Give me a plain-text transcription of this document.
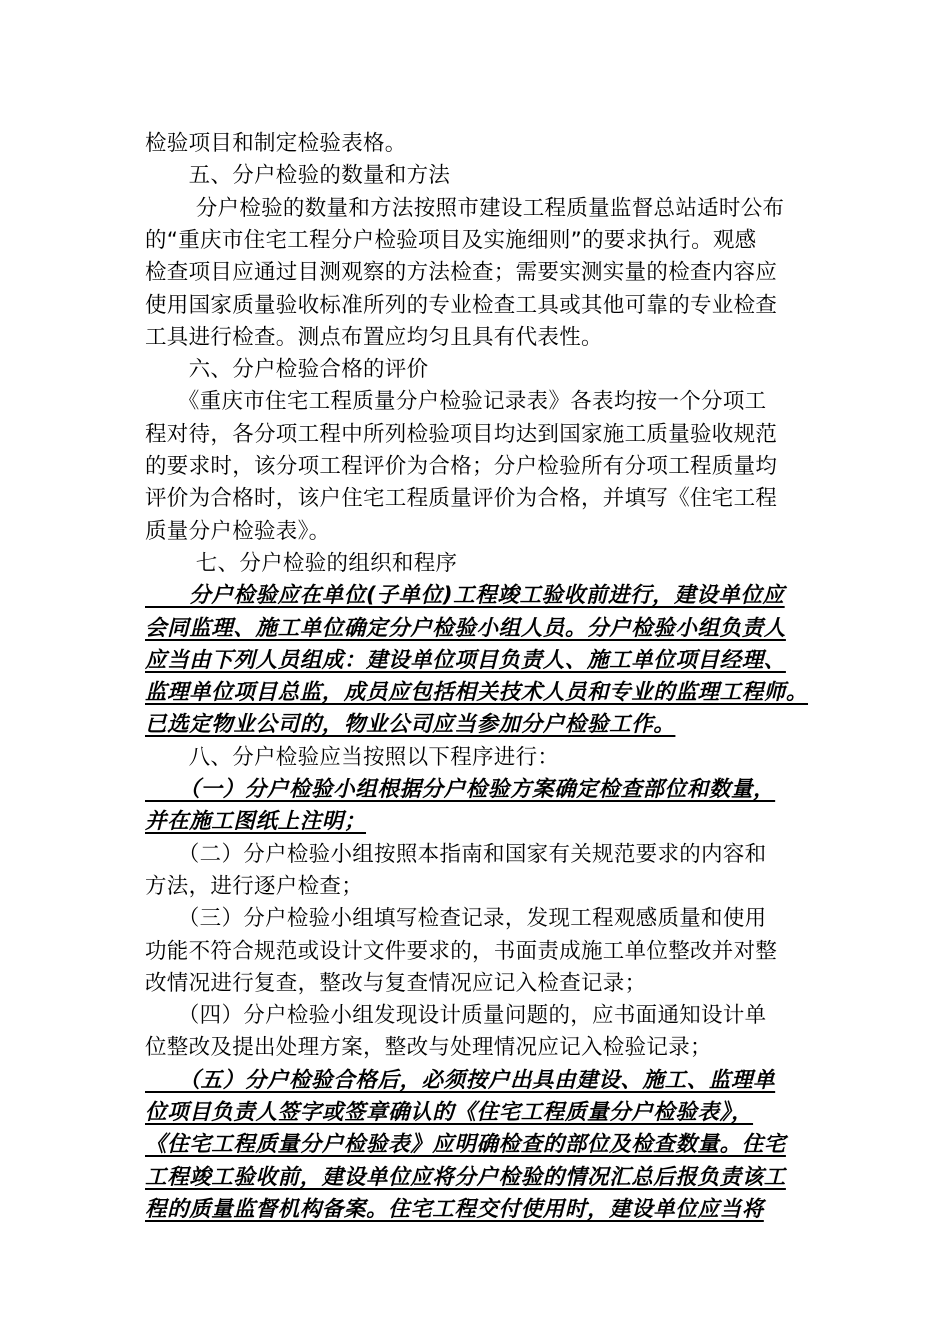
检验项目和制定检验表格。
　　五、分户检验的数量和方法
　　 分户检验的数量和方法按照市建设工程质量监督总站适时公布
的“重庆市住宅工程分户检验项目及实施细则”的要求执行。观感
检查项目应通过目测观察的方法检查；需要实测实量的检查内容应
使用国家质量验收标准所列的专业检查工具或其他可靠的专业检查
工具进行检查。测点布置应均匀且具有代表性。
　　六、分户检验合格的评价
　　《重庆市住宅工程质量分户检验记录表》各表均按一个分项工
程对待，各分项工程中所列检验项目均达到国家施工质量验收规范
的要求时，该分项工程评价为合格；分户检验所有分项工程质量均
评价为合格时，该户住宅工程质量评价为合格，并填写《住宅工程
质量分户检验表》。
　　 七、分户检验的组织和程序
　　分户检验应在单位(子单位)工程竣工验收前进行，建设单位应
会同监理、施工单位确定分户检验小组人员。分户检验小组负责人
应当由下列人员组成：建设单位项目负责人、施工单位项目经理、
监理单位项目总监，成员应包括相关技术人员和专业的监理工程师。
已选定物业公司的，物业公司应当参加分户检验工作。
　　八、分户检验应当按照以下程序进行：
　　（一）分户检验小组根据分户检验方案确定检查部位和数量，
并在施工图纸上注明；
　　（二）分户检验小组按照本指南和国家有关规范要求的内容和
方法，进行逐户检查；
　　（三）分户检验小组填写检查记录，发现工程观感质量和使用
功能不符合规范或设计文件要求的，书面责成施工单位整改并对整
改情况进行复查，整改与复查情况应记入检查记录；
　　（四）分户检验小组发现设计质量问题的，应书面通知设计单
位整改及提出处理方案，整改与处理情况应记入检验记录；
　　（五）分户检验合格后，必须按户出具由建设、施工、监理单
位项目负责人签字或签章确认的《住宅工程质量分户检验表》，
《住宅工程质量分户检验表》应明确检查的部位及检查数量。住宅
工程竣工验收前，建设单位应将分户检验的情况汇总后报负责该工
程的质量监督机构备案。住宅工程交付使用时，建设单位应当将
